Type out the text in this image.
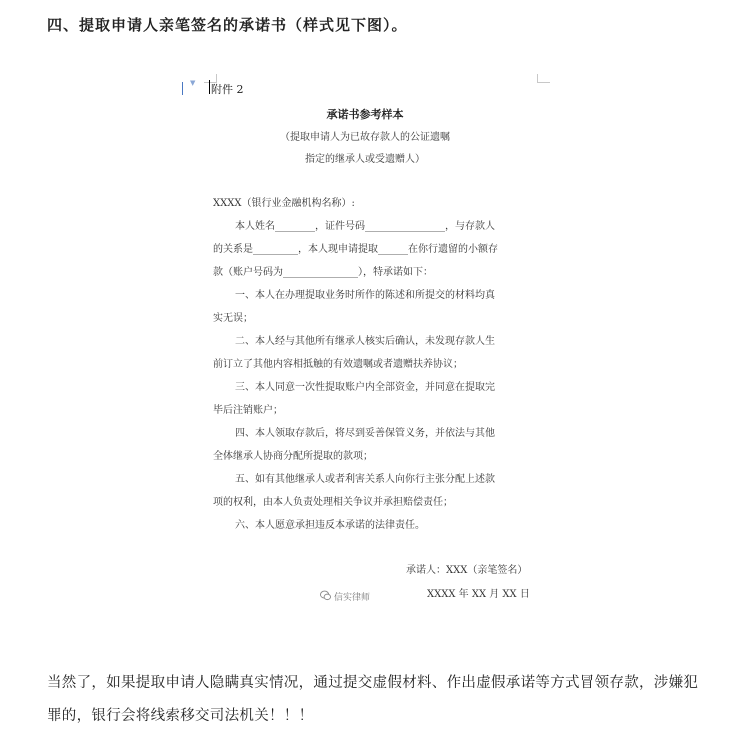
四、提取申请人亲笔签名的承诺书（样式见下图）。
▼ 附件 2
承诺书参考样本
（提取申请人为已故存款人的公证遗嘱
指定的继承人或受遗赠人）
XXXX（银行业金融机构名称）:
本人姓名________，证件号码________________，与存款人
的关系是_________，本人现申请提取______在你行遗留的小额存
款（账户号码为_______________），特承诺如下：
一、本人在办理提取业务时所作的陈述和所提交的材料均真
实无误；
二、本人经与其他所有继承人核实后确认，未发现存款人生
前订立了其他内容相抵触的有效遗嘱或者遗赠扶养协议；
三、本人同意一次性提取账户内全部资金，并同意在提取完
毕后注销账户；
四、本人领取存款后，将尽到妥善保管义务，并依法与其他
全体继承人协商分配所提取的款项；
五、如有其他继承人或者利害关系人向你行主张分配上述款
项的权利，由本人负责处理相关争议并承担赔偿责任；
六、本人愿意承担违反本承诺的法律责任。
承诺人：XXX（亲笔签名）
XXXX 年 XX 月 XX 日
信实律师
当然了，如果提取申请人隐瞒真实情况，通过提交虚假材料、作出虚假承诺等方式冒领存款，涉嫌犯罪的，银行会将线索移交司法机关！！！
